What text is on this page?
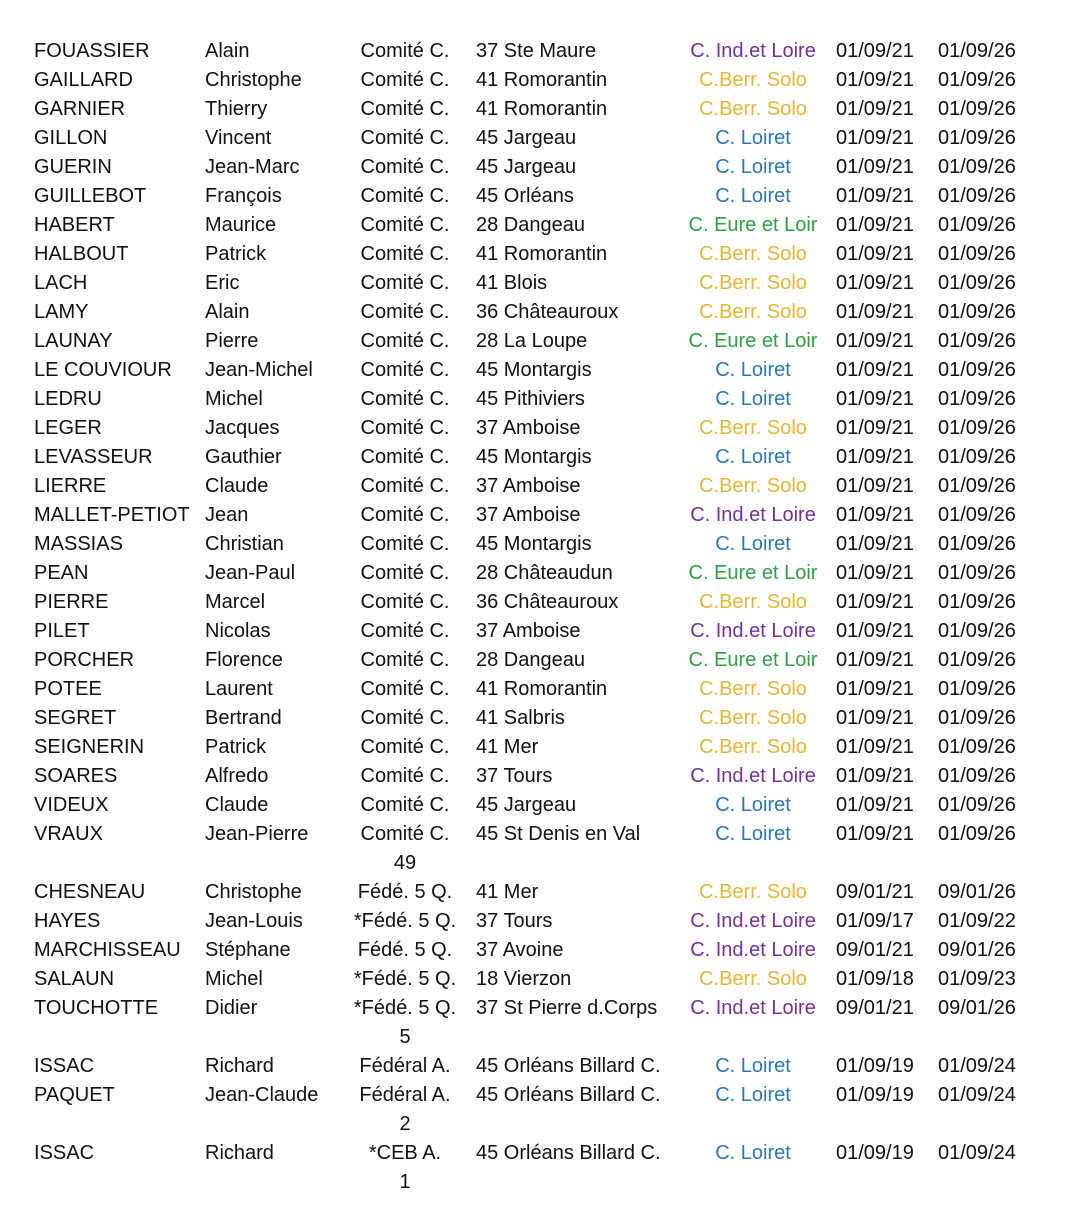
FOUASSIER	Alain	Comité C.	37 Ste Maure	C. Ind.et Loire	01/09/21 01/09/26
GAILLARD	Christophe	Comité C.	41 Romorantin	C.Berr. Solo	01/09/21 01/09/26
GARNIER	Thierry	Comité C.	41 Romorantin	C.Berr. Solo	01/09/21 01/09/26
GILLON	Vincent	Comité C.	45 Jargeau	C. Loiret	01/09/21 01/09/26
GUERIN	Jean-Marc	Comité C.	45 Jargeau	C. Loiret	01/09/21 01/09/26
GUILLEBOT	François	Comité C.	45 Orléans	C. Loiret	01/09/21 01/09/26
HABERT	Maurice	Comité C.	28 Dangeau	C. Eure et Loir 01/09/21 01/09/26
HALBOUT	Patrick	Comité C.	41 Romorantin	C.Berr. Solo	01/09/21 01/09/26
LACH	Eric	Comité C.	41 Blois	C.Berr. Solo	01/09/21 01/09/26
LAMY	Alain	Comité C.	36 Châteauroux	C.Berr. Solo	01/09/21 01/09/26
LAUNAY	Pierre	Comité C.	28 La Loupe	C. Eure et Loir 01/09/21 01/09/26
LE COUVIOUR Jean-Michel	Comité C.	45 Montargis	C. Loiret	01/09/21 01/09/26
LEDRU	Michel	Comité C.	45 Pithiviers	C. Loiret	01/09/21 01/09/26
LEGER	Jacques	Comité C.	37 Amboise	C.Berr. Solo	01/09/21 01/09/26
LEVASSEUR	Gauthier	Comité C.	45 Montargis	C. Loiret	01/09/21 01/09/26
LIERRE	Claude	Comité C.	37 Amboise	C.Berr. Solo	01/09/21 01/09/26
MALLET-PETIOT Jean	Comité C.	37 Amboise	C. Ind.et Loire	01/09/21 01/09/26
MASSIAS	Christian	Comité C.	45 Montargis	C. Loiret	01/09/21 01/09/26
PEAN	Jean-Paul	Comité C.	28 Châteaudun	C. Eure et Loir 01/09/21 01/09/26
PIERRE	Marcel	Comité C.	36 Châteauroux	C.Berr. Solo	01/09/21 01/09/26
PILET	Nicolas	Comité C.	37 Amboise	C. Ind.et Loire	01/09/21 01/09/26
PORCHER	Florence	Comité C.	28 Dangeau	C. Eure et Loir 01/09/21 01/09/26
POTEE	Laurent	Comité C.	41 Romorantin	C.Berr. Solo	01/09/21 01/09/26
SEGRET	Bertrand	Comité C.	41 Salbris	C.Berr. Solo	01/09/21 01/09/26
SEIGNERIN	Patrick	Comité C.	41 Mer	C.Berr. Solo	01/09/21 01/09/26
SOARES	Alfredo	Comité C.	37 Tours	C. Ind.et Loire	01/09/21 01/09/26
VIDEUX	Claude	Comité C.	45 Jargeau	C. Loiret	01/09/21 01/09/26
VRAUX	Jean-Pierre	Comité C.	45 St Denis en Val	C. Loiret	01/09/21 01/09/26
49
CHESNEAU	Christophe	Fédé. 5 Q.	41 Mer	C.Berr. Solo	09/01/21 09/01/26
HAYES	Jean-Louis	*Fédé. 5 Q. 37 Tours	C. Ind.et Loire	01/09/17 01/09/22
MARCHISSEAU Stéphane	Fédé. 5 Q.	37 Avoine	C. Ind.et Loire	09/01/21 09/01/26
SALAUN	Michel	*Fédé. 5 Q. 18 Vierzon	C.Berr. Solo	01/09/18 01/09/23
TOUCHOTTE Didier	*Fédé. 5 Q. 37 St Pierre d.Corps	C. Ind.et Loire	09/01/21 09/01/26
5
ISSAC	Richard	Fédéral A.	45 Orléans Billard C.	C. Loiret	01/09/19 01/09/24
PAQUET	Jean-Claude	Fédéral A.	45 Orléans Billard C.	C. Loiret	01/09/19 01/09/24
2
ISSAC	Richard	*CEB A.	45 Orléans Billard C.	C. Loiret	01/09/19 01/09/24
1
